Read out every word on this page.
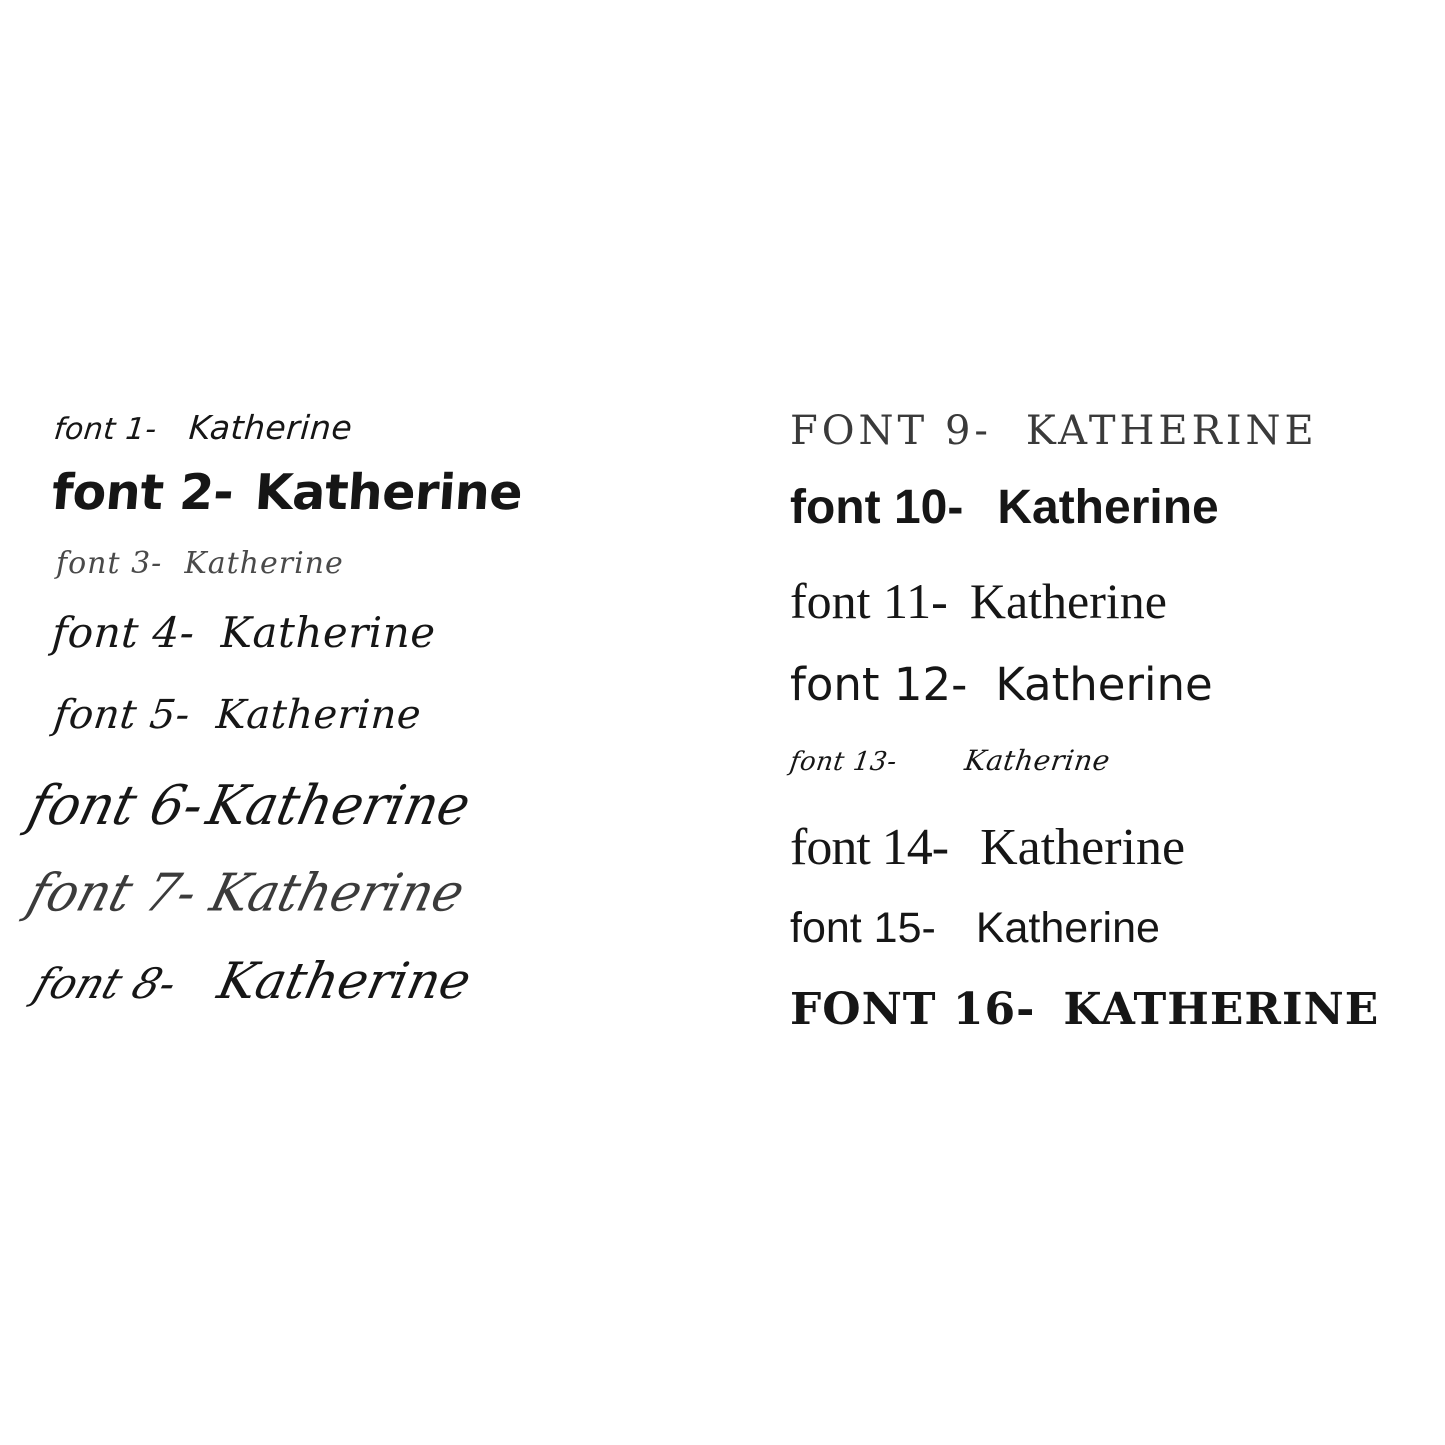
font 1- Katherine
font 2- Katherine
font 3- Katherine
font 4- Katherine
font 5- Katherine
font 6-
Katherine
font 7- Katherine
font 8- Katherine
FONT 9- KATHERINE
font 10- Katherine
font 11- Katherine
font 12- Katherine
font 13- Katherine
font 14- Katherine
font 15- Katherine
FONT 16- KATHERINE
